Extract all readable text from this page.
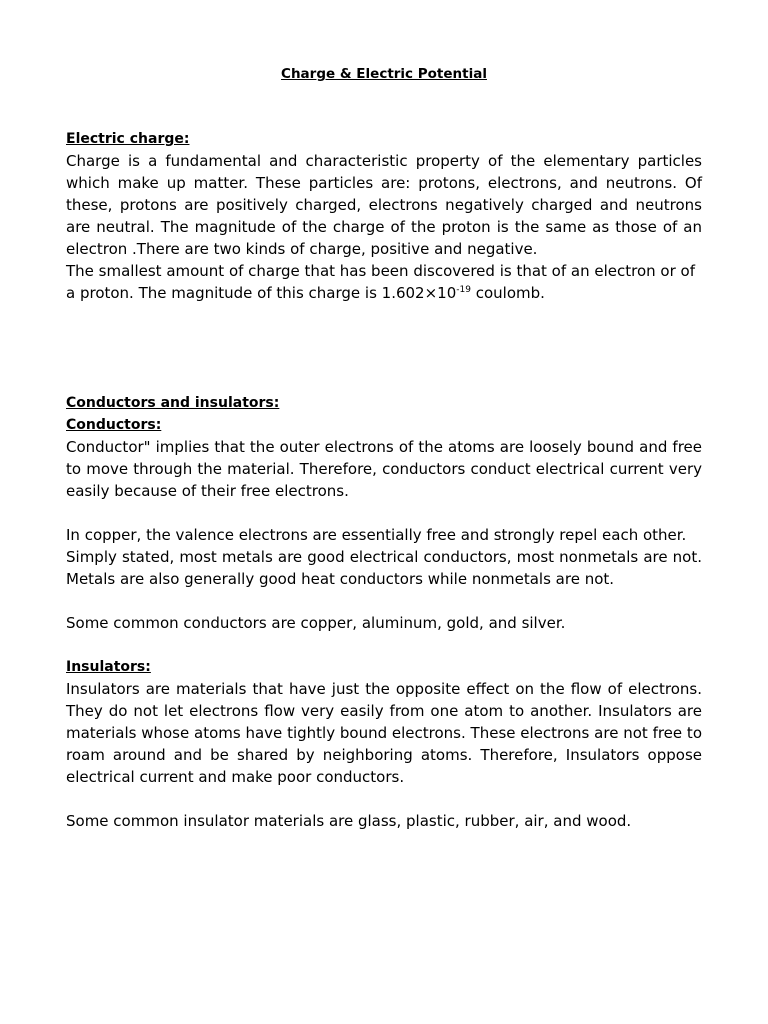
Charge & Electric Potential

Electric charge:

Charge is a fundamental and characteristic property of the elementary particles which make up matter. These particles are: protons, electrons, and neutrons. Of these, protons are positively charged, electrons negatively charged and neutrons are neutral. The magnitude of the charge of the proton is the same as those of an electron .There are two kinds of charge, positive and negative.

The smallest amount of charge that has been discovered is that of an electron or of a proton. The magnitude of this charge is $1.602\times 10^{-19}$ coulomb.

Conductors and insulators:

Conductors:

Conductor" implies that the outer electrons of the atoms are loosely bound and free to move through the material. Therefore, conductors conduct electrical current very easily because of their free electrons.

In copper, the valence electrons are essentially free and strongly repel each other.

Simply stated, most metals are good electrical conductors, most nonmetals are not. Metals are also generally good heat conductors while nonmetals are not.

Some common conductors are copper, aluminum, gold, and silver.

Insulators:

Insulators are materials that have just the opposite effect on the flow of electrons. They do not let electrons flow very easily from one atom to another. Insulators are materials whose atoms have tightly bound electrons. These electrons are not free to roam around and be shared by neighboring atoms. Therefore, Insulators oppose electrical current and make poor conductors.

Some common insulator materials are glass, plastic, rubber, air, and wood.
